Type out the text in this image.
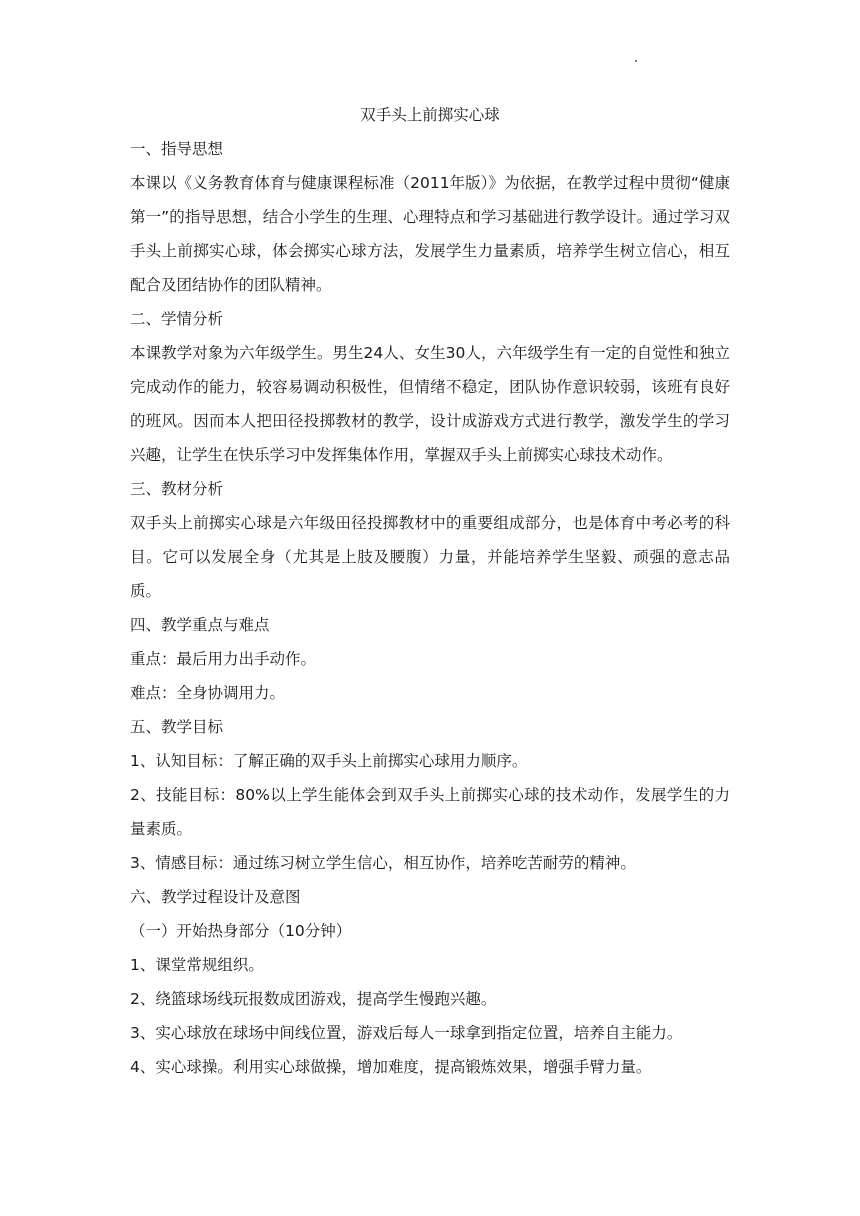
双手头上前掷实心球

一、指导思想

本课以《义务教育体育与健康课程标准（2011年版）》为依据，在教学过程中贯彻“健康第一”的指导思想，结合小学生的生理、心理特点和学习基础进行教学设计。通过学习双手头上前掷实心球，体会掷实心球方法，发展学生力量素质，培养学生树立信心，相互配合及团结协作的团队精神。

二、学情分析

本课教学对象为六年级学生。男生24人、女生30人，六年级学生有一定的自觉性和独立完成动作的能力，较容易调动积极性，但情绪不稳定，团队协作意识较弱，该班有良好的班风。因而本人把田径投掷教材的教学，设计成游戏方式进行教学，激发学生的学习兴趣，让学生在快乐学习中发挥集体作用，掌握双手头上前掷实心球技术动作。

三、教材分析

双手头上前掷实心球是六年级田径投掷教材中的重要组成部分，也是体育中考必考的科目。它可以发展全身（尤其是上肢及腰腹）力量，并能培养学生坚毅、顽强的意志品质。

四、教学重点与难点

重点：最后用力出手动作。

难点：全身协调用力。

五、教学目标

1、认知目标：了解正确的双手头上前掷实心球用力顺序。

2、技能目标：80%以上学生能体会到双手头上前掷实心球的技术动作，发展学生的力量素质。

3、情感目标：通过练习树立学生信心，相互协作，培养吃苦耐劳的精神。

六、教学过程设计及意图

（一）开始热身部分（10分钟）

1、课堂常规组织。

2、绕篮球场线玩报数成团游戏，提高学生慢跑兴趣。

3、实心球放在球场中间线位置，游戏后每人一球拿到指定位置，培养自主能力。

4、实心球操。利用实心球做操，增加难度，提高锻炼效果，增强手臂力量。
